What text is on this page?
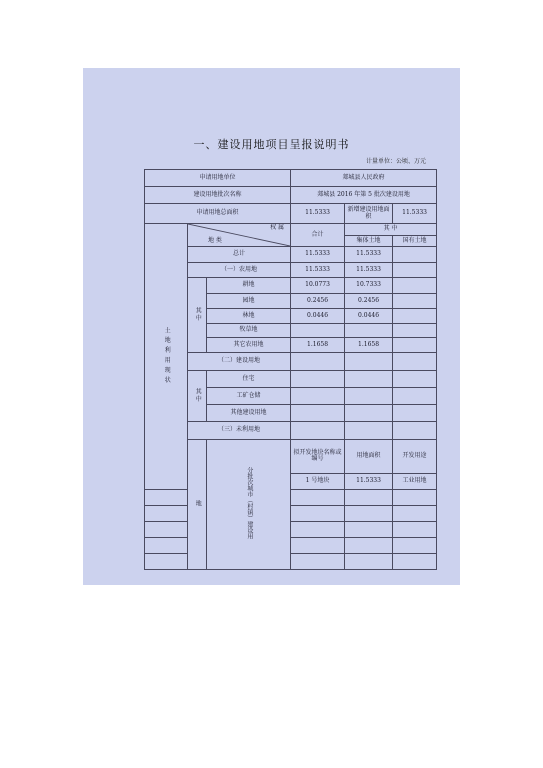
一、建设用地项目呈报说明书
计量单位：公顷、万元
申请用地单位			郯城县人民政府			
建设用地批次名称			郯城县 2016 年第 5 批次建设用地			
申请用地总面积			11.5333	新增建设用地面积	11.5333	
土 地 利 用 现 状	权 属
地 类		合计	其 中		
				集体土地	国有土地	
	总计		11.5333	11.5333		
	（一）农用地		11.5333	11.5333		
	其 中	耕地	10.0773	10.7333		
		园地	0.2456	0.2456		
		林地	0.0446	0.0446		
		牧草地				
		其它农用地	1.1658	1.1658		
	（二）建设用地					
	其 中	住宅				
		工矿仓储				
		其他建设用地				
	（三）未利用地					
	地	分批次城市（村镇）建设用	拟开发地块名称或编号	用地面积	开发用途	
			1 号地块	11.5333	工业用地	
